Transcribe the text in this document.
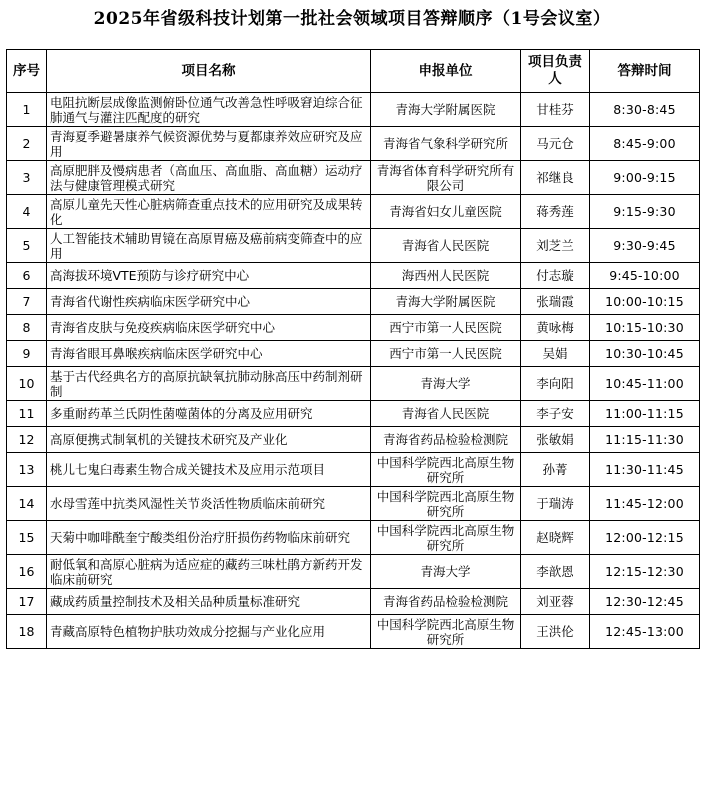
2025年省级科技计划第一批社会领域项目答辩顺序（1号会议室）
序号	项目名称	申报单位	项目负责人	答辩时间
1	电阻抗断层成像监测俯卧位通气改善急性呼吸窘迫综合征肺通气与灌注匹配度的研究	青海大学附属医院	甘桂芬	8:30-8:45
2	青海夏季避暑康养气候资源优势与夏都康养效应研究及应用	青海省气象科学研究所	马元仓	8:45-9:00
3	高原肥胖及慢病患者（高血压、高血脂、高血糖）运动疗法与健康管理模式研究	青海省体育科学研究所有限公司	祁继良	9:00-9:15
4	高原儿童先天性心脏病筛查重点技术的应用研究及成果转化	青海省妇女儿童医院	蒋秀莲	9:15-9:30
5	人工智能技术辅助胃镜在高原胃癌及癌前病变筛查中的应用	青海省人民医院	刘芝兰	9:30-9:45
6	高海拔环境VTE预防与诊疗研究中心	海西州人民医院	付志璇	9:45-10:00
7	青海省代谢性疾病临床医学研究中心	青海大学附属医院	张瑞霞	10:00-10:15
8	青海省皮肤与免疫疾病临床医学研究中心	西宁市第一人民医院	黄咏梅	10:15-10:30
9	青海省眼耳鼻喉疾病临床医学研究中心	西宁市第一人民医院	吴娟	10:30-10:45
10	基于古代经典名方的高原抗缺氧抗肺动脉高压中药制剂研制	青海大学	李向阳	10:45-11:00
11	多重耐药革兰氏阴性菌噬菌体的分离及应用研究	青海省人民医院	李子安	11:00-11:15
12	高原便携式制氧机的关键技术研究及产业化	青海省药品检验检测院	张敏娟	11:15-11:30
13	桃儿七鬼臼毒素生物合成关键技术及应用示范项目	中国科学院西北高原生物研究所	孙菁	11:30-11:45
14	水母雪莲中抗类风湿性关节炎活性物质临床前研究	中国科学院西北高原生物研究所	于瑞涛	11:45-12:00
15	天菊中咖啡酰奎宁酸类组份治疗肝损伤药物临床前研究	中国科学院西北高原生物研究所	赵晓辉	12:00-12:15
16	耐低氧和高原心脏病为适应症的藏药三味杜鹃方新药开发临床前研究	青海大学	李歆恩	12:15-12:30
17	藏成药质量控制技术及相关品种质量标准研究	青海省药品检验检测院	刘亚蓉	12:30-12:45
18	青藏高原特色植物护肤功效成分挖掘与产业化应用	中国科学院西北高原生物研究所	王洪伦	12:45-13:00
